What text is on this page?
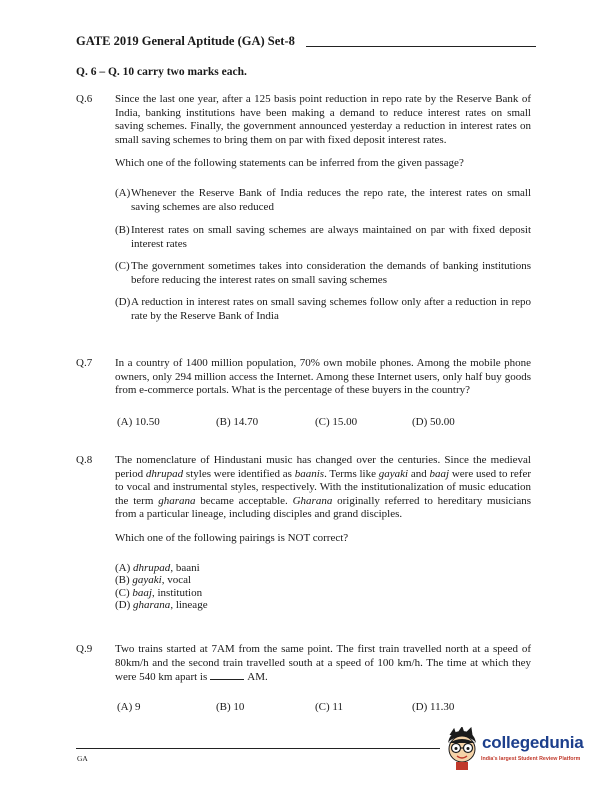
GATE 2019 General Aptitude (GA) Set-8
Q. 6 – Q. 10 carry two marks each.
Q.6 Since the last one year, after a 125 basis point reduction in repo rate by the Reserve Bank of India, banking institutions have been making a demand to reduce interest rates on small saving schemes. Finally, the government announced yesterday a reduction in interest rates on small saving schemes to bring them on par with fixed deposit interest rates.

Which one of the following statements can be inferred from the given passage?
(A) Whenever the Reserve Bank of India reduces the repo rate, the interest rates on small saving schemes are also reduced
(B) Interest rates on small saving schemes are always maintained on par with fixed deposit interest rates
(C) The government sometimes takes into consideration the demands of banking institutions before reducing the interest rates on small saving schemes
(D) A reduction in interest rates on small saving schemes follow only after a reduction in repo rate by the Reserve Bank of India
Q.7 In a country of 1400 million population, 70% own mobile phones. Among the mobile phone owners, only 294 million access the Internet. Among these Internet users, only half buy goods from e-commerce portals. What is the percentage of these buyers in the country?
(A) 10.50	(B) 14.70	(C) 15.00	(D) 50.00
Q.8 The nomenclature of Hindustani music has changed over the centuries. Since the medieval period dhrupad styles were identified as baanis. Terms like gayaki and baaj were used to refer to vocal and instrumental styles, respectively. With the institutionalization of music education the term gharana became acceptable. Gharana originally referred to hereditary musicians from a particular lineage, including disciples and grand disciples.
Which one of the following pairings is NOT correct?
(A) dhrupad, baani
(B) gayaki, vocal
(C) baaj, institution
(D) gharana, lineage
Q.9 Two trains started at 7AM from the same point. The first train travelled north at a speed of 80km/h and the second train travelled south at a speed of 100 km/h. The time at which they were 540 km apart is	AM.
(A) 9	(B) 10	(C) 11	(D) 11.30
GA
collegedunia
India's largest Student Review Platform
